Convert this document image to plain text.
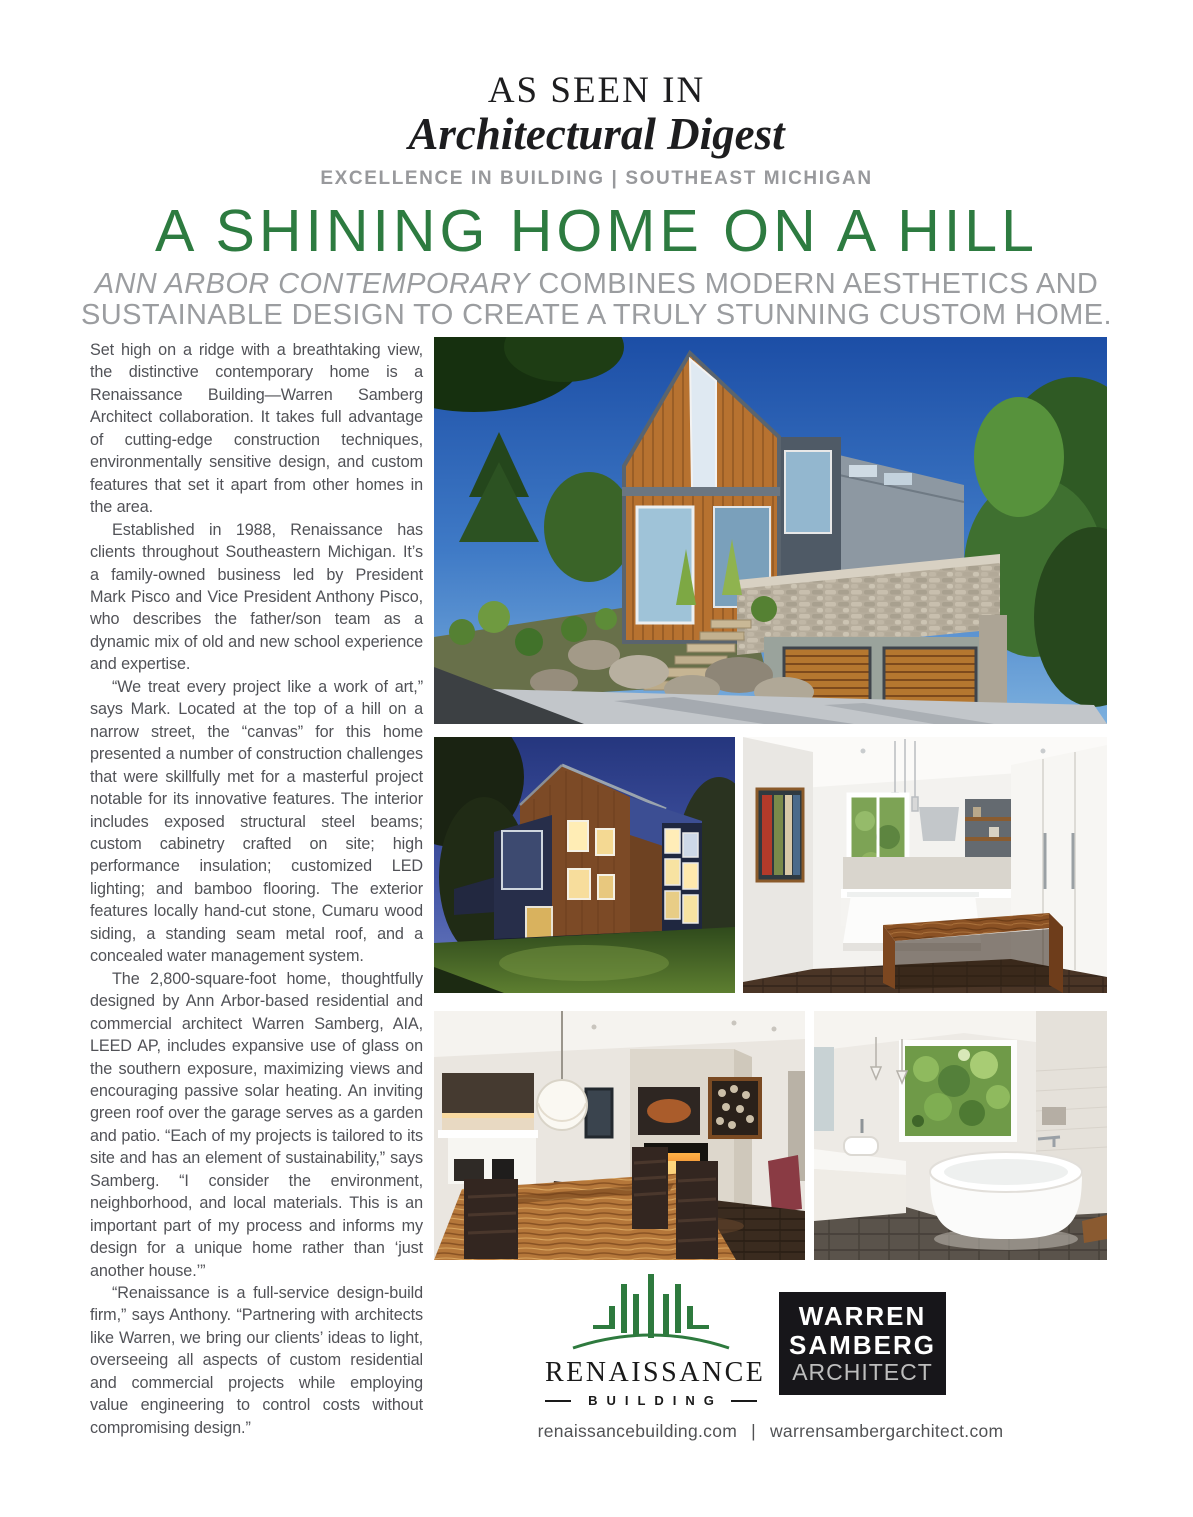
AS SEEN IN
Architectural Digest
EXCELLENCE IN BUILDING | SOUTHEAST MICHIGAN
A SHINING HOME ON A HILL
ANN ARBOR CONTEMPORARY COMBINES MODERN AESTHETICS AND
SUSTAINABLE DESIGN TO CREATE A TRULY STUNNING CUSTOM HOME.

Set high on a ridge with a breathtaking view, the distinctive contemporary home is a Renaissance Building—Warren Samberg Architect collaboration. It takes full advantage of cutting-edge construction techniques, environmentally sensitive design, and custom features that set it apart from other homes in the area.

Established in 1988, Renaissance has clients throughout Southeastern Michigan. It’s a family-owned business led by President Mark Pisco and Vice President Anthony Pisco, who describes the father/son team as a dynamic mix of old and new school experience and expertise.

“We treat every project like a work of art,” says Mark. Located at the top of a hill on a narrow street, the “canvas” for this home presented a number of construction challenges that were skillfully met for a masterful project notable for its innovative features. The interior includes exposed structural steel beams; custom cabinetry crafted on site; high performance insulation; customized LED lighting; and bamboo flooring. The exterior features locally hand-cut stone, Cumaru wood siding, a standing seam metal roof, and a concealed water management system.

The 2,800-square-foot home, thoughtfully designed by Ann Arbor-based residential and commercial architect Warren Samberg, AIA, LEED AP, includes expansive use of glass on the southern exposure, maximizing views and encouraging passive solar heating. An inviting green roof over the garage serves as a garden and patio. “Each of my projects is tailored to its site and has an element of sustainability,” says Samberg. “I consider the environment, neighborhood, and local materials. This is an important part of my process and informs my design for a unique home rather than ‘just another house.’”

“Renaissance is a full-service design-build firm,” says Anthony. “Partnering with architects like Warren, we bring our clients’ ideas to light, overseeing all aspects of custom residential and commercial projects while employing value engineering to control costs without compromising design.”

RENAISSANCE
BUILDING
WARREN
SAMBERG
ARCHITECT
renaissancebuilding.com | warrensambergarchitect.com
